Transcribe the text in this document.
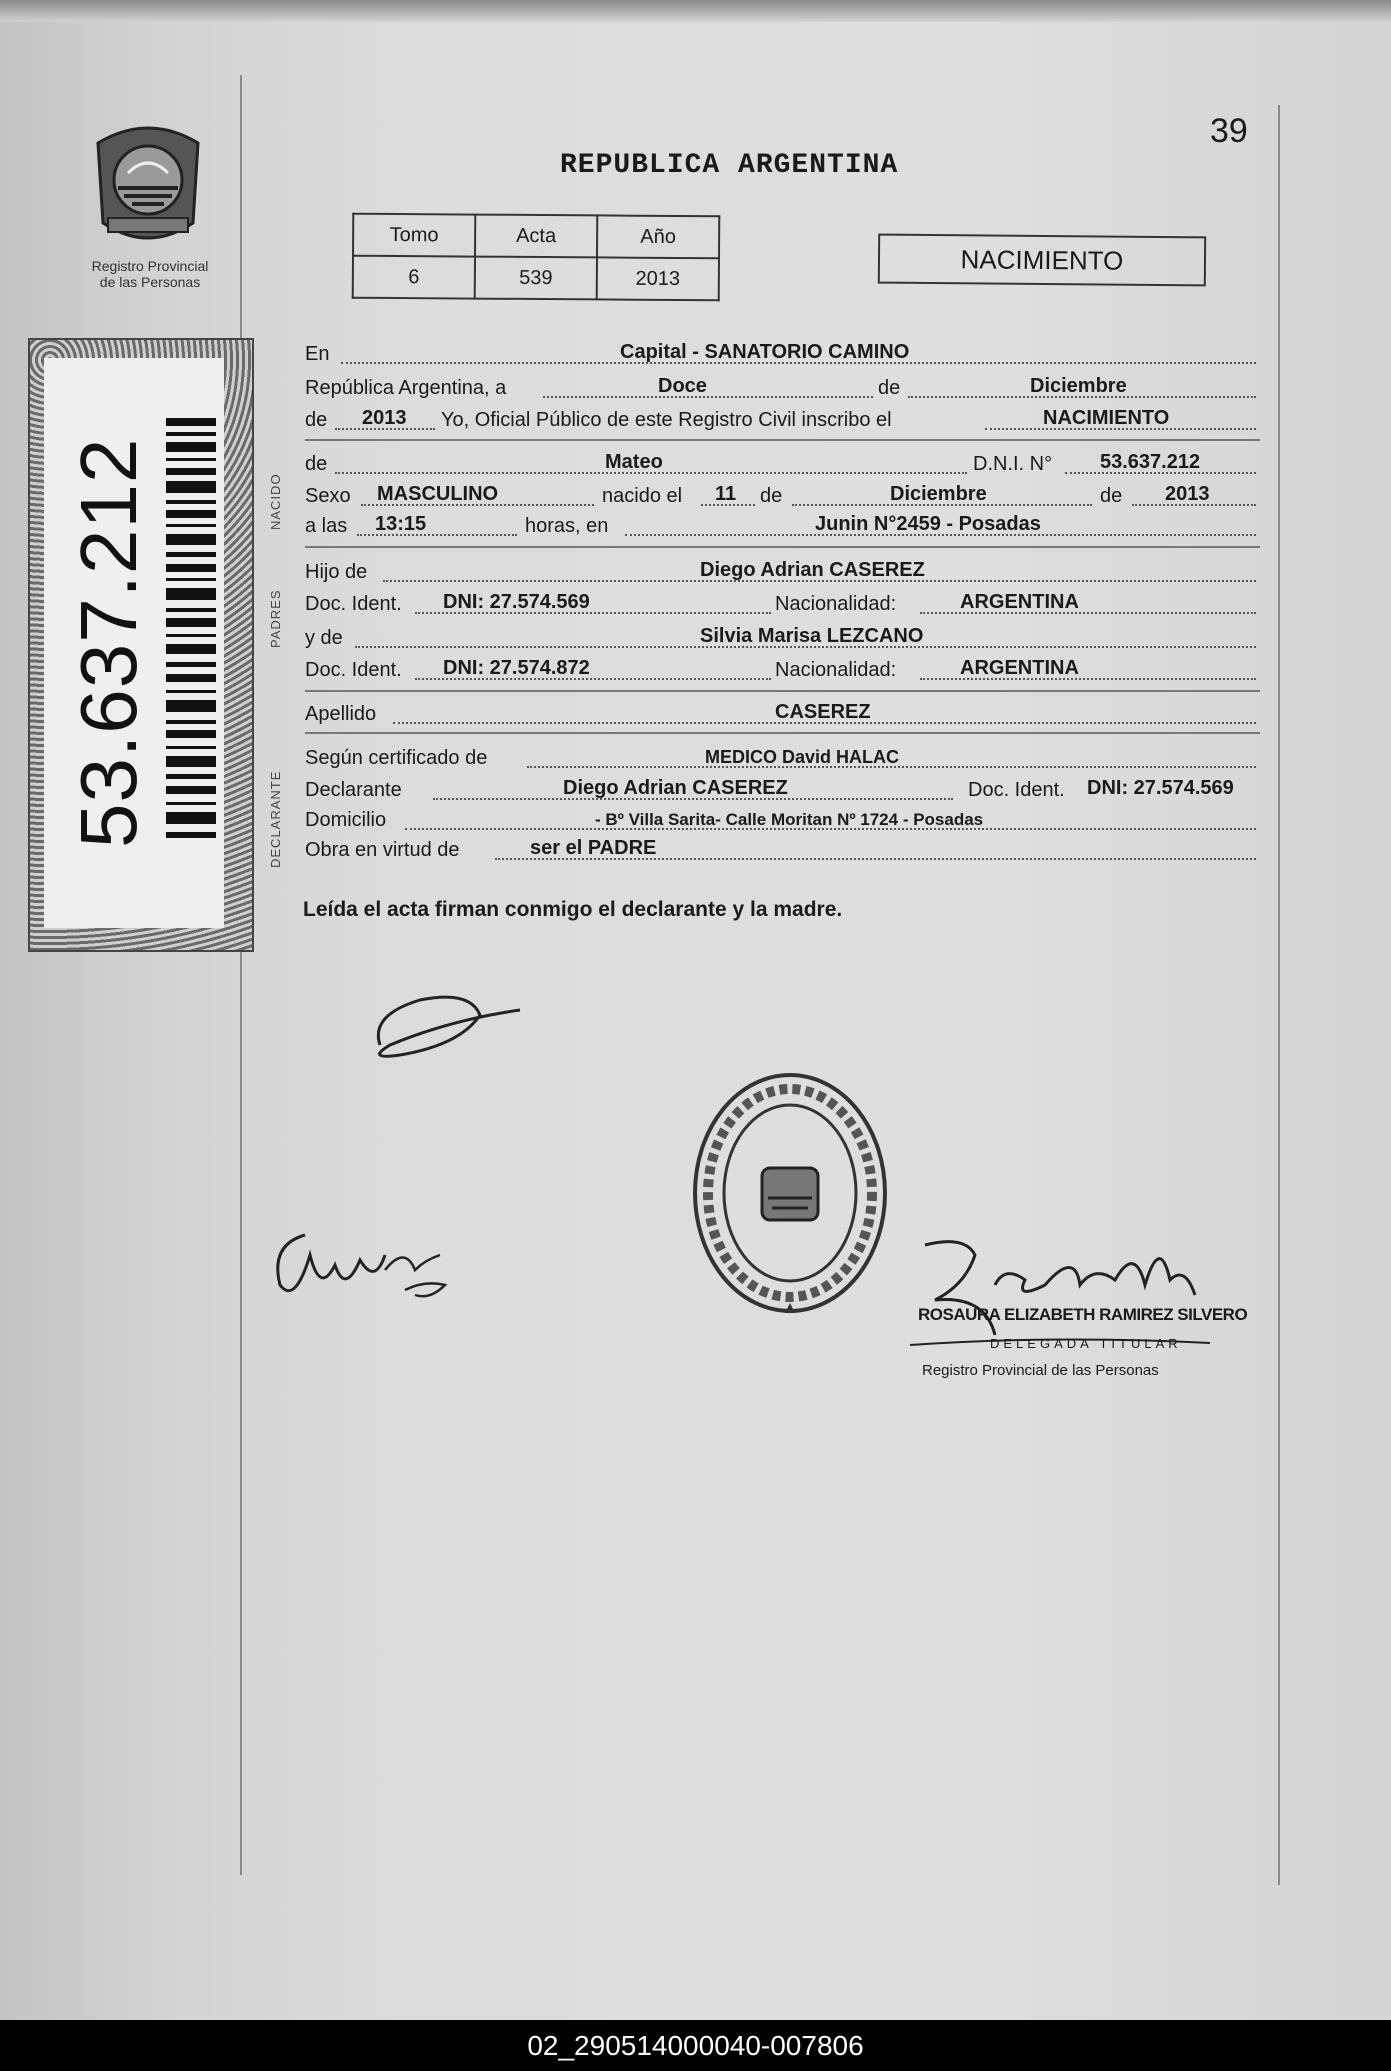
Registro Provincial
de las Personas
53.637.212
39
REPUBLICA ARGENTINA
Tomo	Acta	Año
6	539	2013
NACIMIENTO
NACIDO
PADRES
DECLARANTE
En	Capital - SANATORIO CAMINO
República Argentina, a	Doce	de	Diciembre
de 2013 Yo, Oficial Público de este Registro Civil inscribo el	NACIMIENTO
de	Mateo	D.N.I. N° 53.637.212
Sexo MASCULINO	nacido el 11 de	Diciembre	de 2013
a las 13:15	horas, en	Junin N°2459 - Posadas
Hijo de	Diego Adrian CASEREZ
Doc. Ident. DNI: 27.574.569	Nacionalidad:	ARGENTINA
y de	Silvia Marisa LEZCANO
Doc. Ident. DNI: 27.574.872	Nacionalidad:	ARGENTINA
Apellido	CASEREZ
Según certificado de	MEDICO David HALAC
Declarante	Diego Adrian CASEREZ	Doc. Ident. DNI: 27.574.569
Domicilio	- Bº Villa Sarita- Calle Moritan Nº 1724 - Posadas
Obra en virtud de	ser el PADRE
Leída el acta firman conmigo el declarante y la madre.
ROSAURA ELIZABETH RAMIREZ SILVERO
DELEGADA TITULAR
Registro Provincial de las Personas
02_290514000040-007806
